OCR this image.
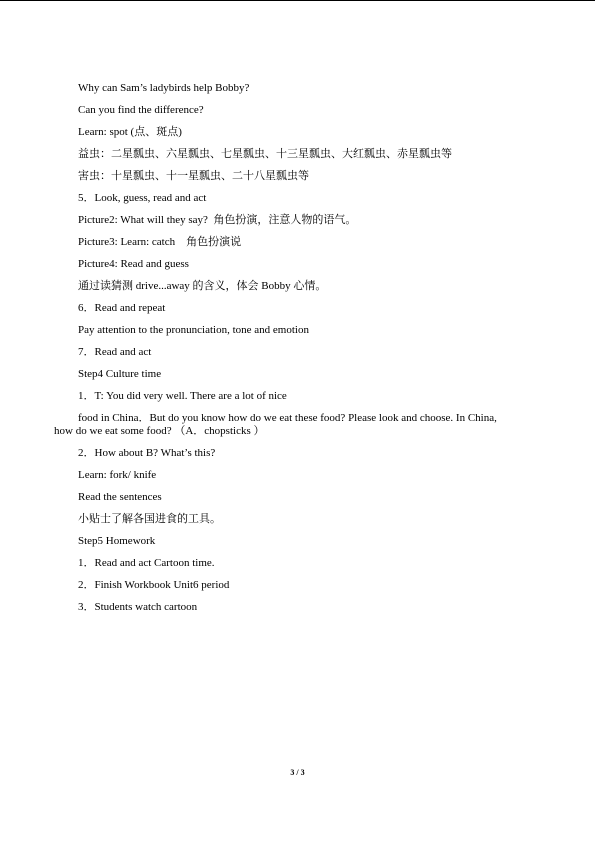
Why can Sam’s ladybirds help Bobby?
Can you find the difference?
Learn: spot (点、斑点)
益虫：二星瓢虫、六星瓢虫、七星瓢虫、十三星瓢虫、大红瓢虫、赤星瓢虫等
害虫：十星瓢虫、十一星瓢虫、二十八星瓢虫等
5．Look, guess, read and act
Picture2: What will they say?  角色扮演，注意人物的语气。
Picture3: Learn: catch    角色扮演说
Picture4: Read and guess
通过读猜测 drive...away 的含义，体会 Bobby 心情。
6．Read and repeat
Pay attention to the pronunciation, tone and emotion
7．Read and act
Step4 Culture time
1．T: You did very well. There are a lot of nice
food in China．But do you know how do we eat these food? Please look and choose. In China,
how do we eat some food? （A．chopsticks ）
2．How about B? What’s this?
Learn: fork/ knife
Read the sentences
小贴士了解各国进食的工具。
Step5 Homework
1．Read and act Cartoon time.
2．Finish Workbook Unit6 period
3．Students watch cartoon
3 / 3
